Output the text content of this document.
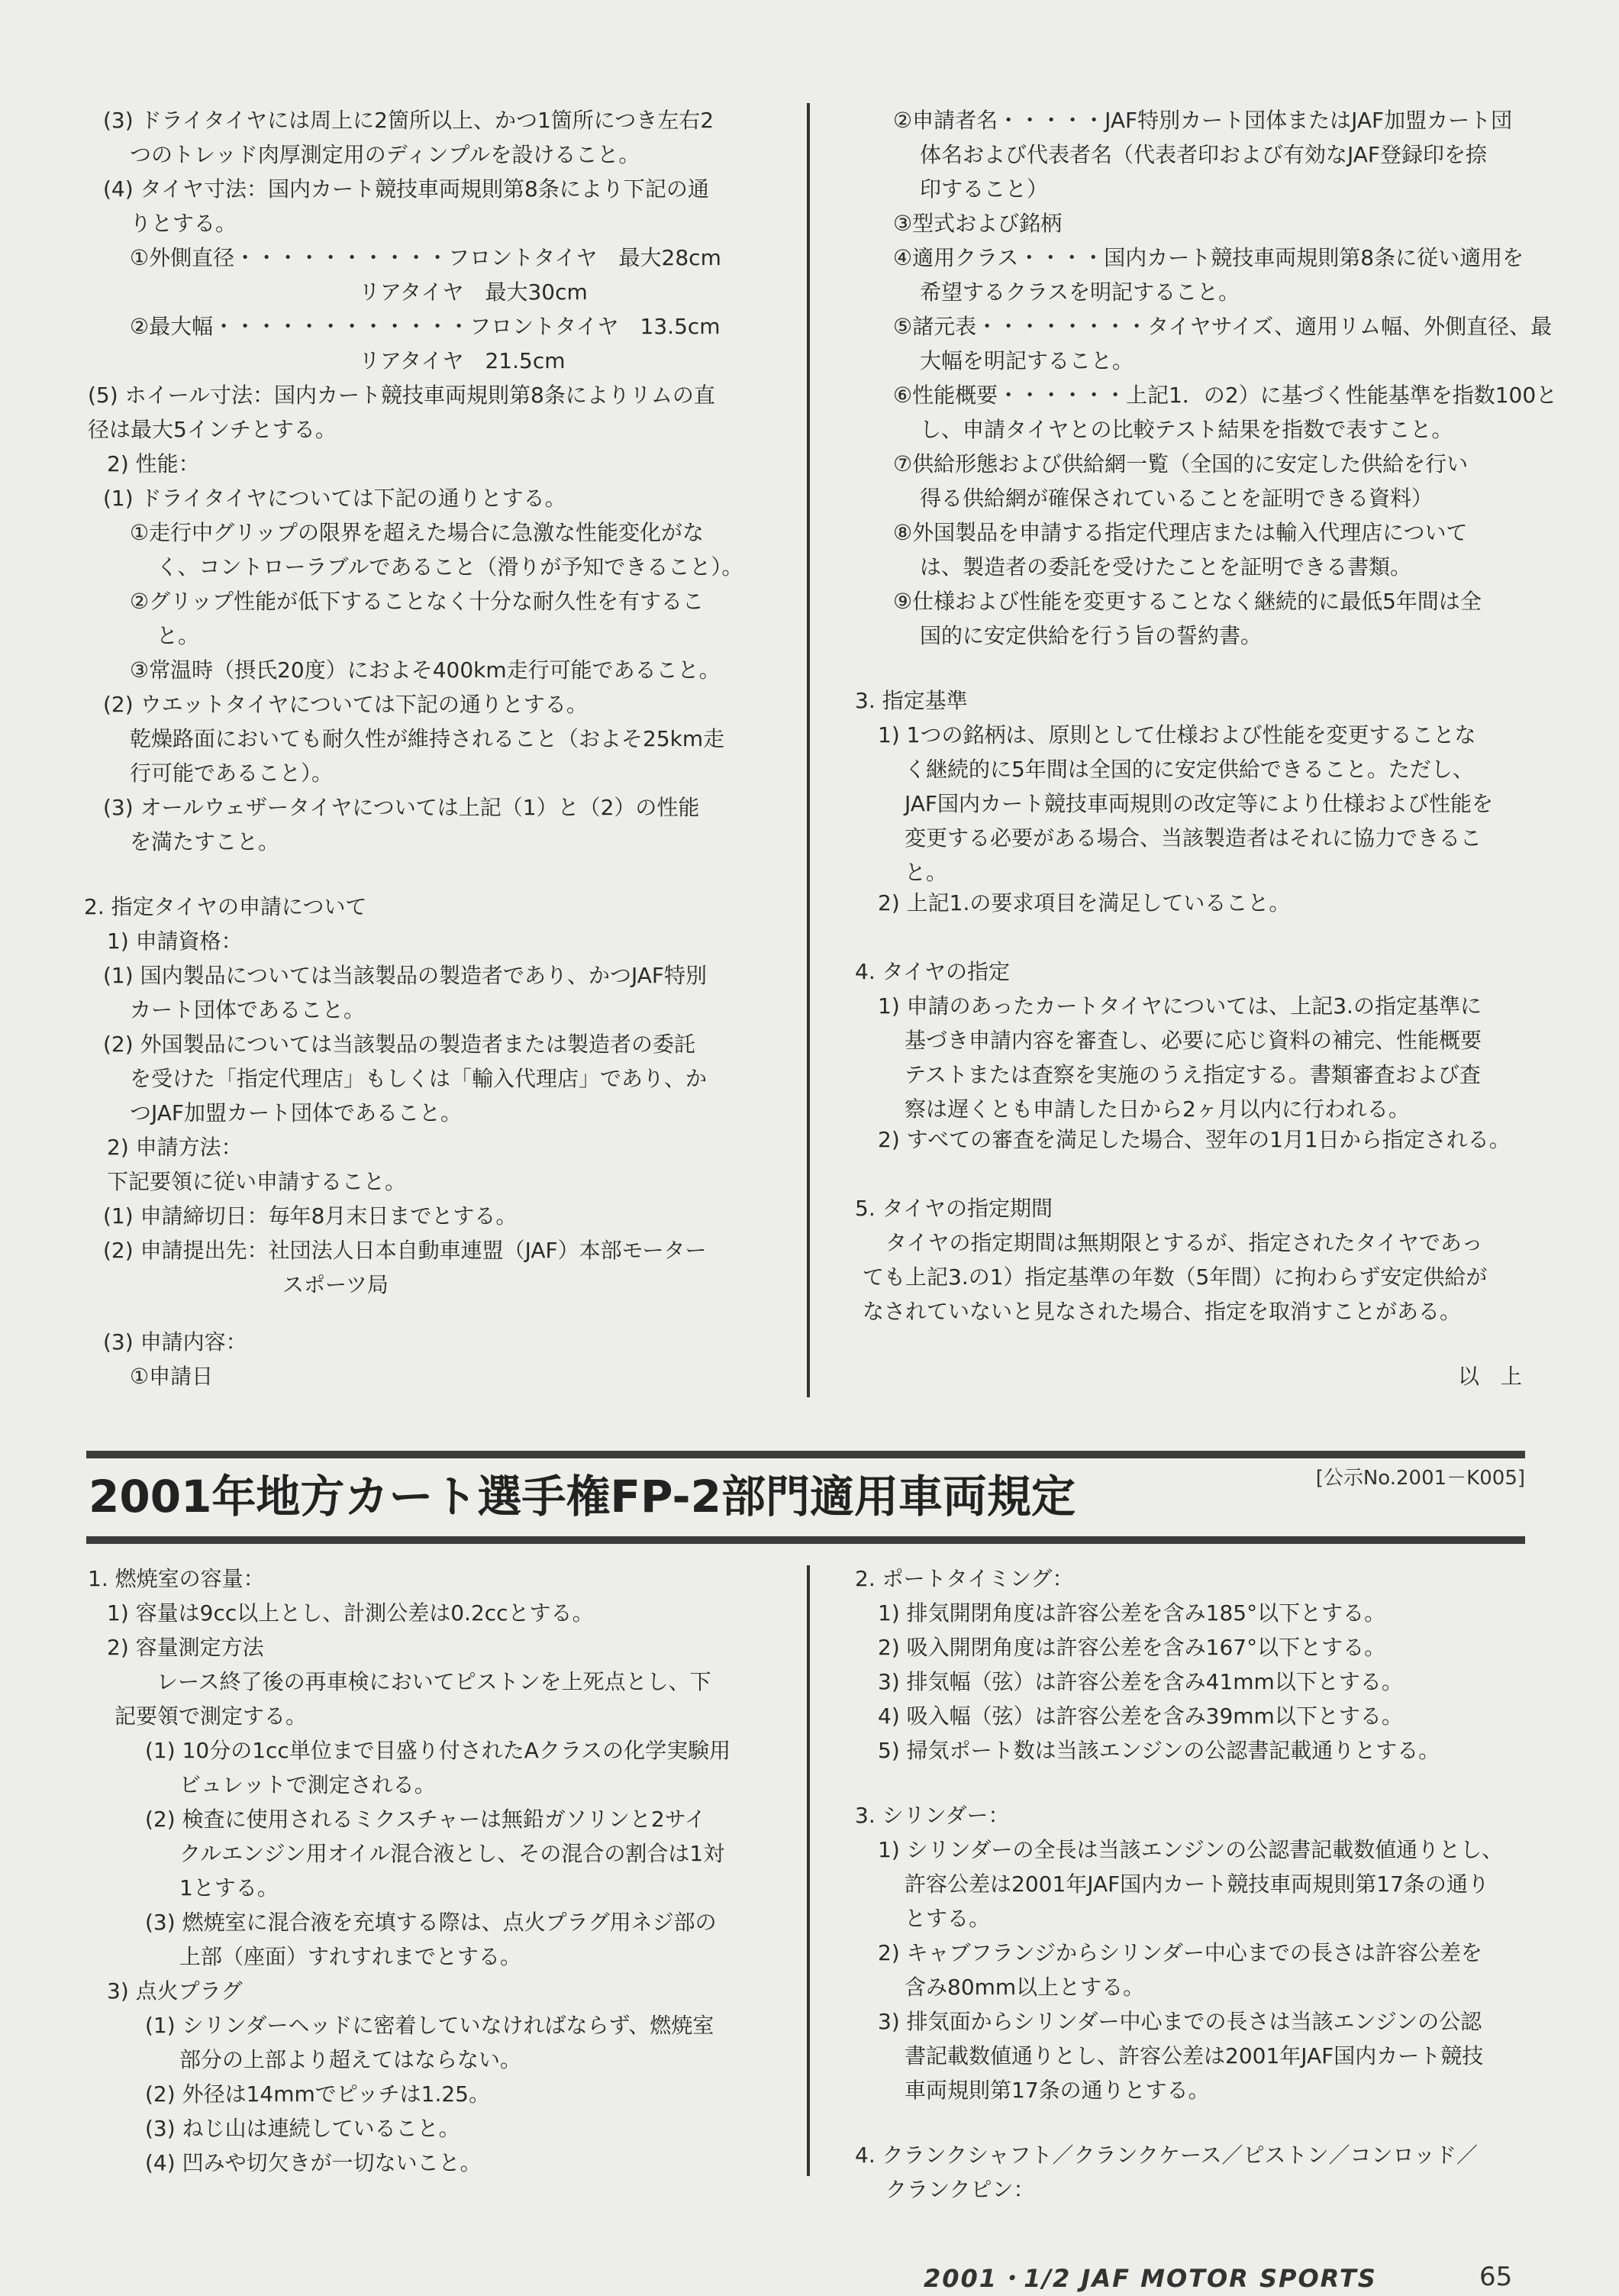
(3) ドライタイヤには周上に2箇所以上、かつ1箇所につき左右2
つのトレッド肉厚測定用のディンプルを設けること。
(4) タイヤ寸法：国内カート競技車両規則第8条により下記の通
りとする。
①外側直径・・・・・・・・・・フロントタイヤ　最大28cm
リアタイヤ　最大30cm
②最大幅・・・・・・・・・・・・フロントタイヤ　13.5cm
リアタイヤ　21.5cm
(5) ホイール寸法：国内カート競技車両規則第8条によりリムの直
径は最大5インチとする。
2) 性能：
(1) ドライタイヤについては下記の通りとする。
①走行中グリップの限界を超えた場合に急激な性能変化がな
く、コントローラブルであること（滑りが予知できること）。
②グリップ性能が低下することなく十分な耐久性を有するこ
と。
③常温時（摂氏20度）におよそ400km走行可能であること。
(2) ウエットタイヤについては下記の通りとする。
乾燥路面においても耐久性が維持されること（およそ25km走
行可能であること）。
(3) オールウェザータイヤについては上記（1）と（2）の性能
を満たすこと。
2. 指定タイヤの申請について
1) 申請資格：
(1) 国内製品については当該製品の製造者であり、かつJAF特別
カート団体であること。
(2) 外国製品については当該製品の製造者または製造者の委託
を受けた「指定代理店」もしくは「輸入代理店」であり、か
つJAF加盟カート団体であること。
2) 申請方法：
下記要領に従い申請すること。
(1) 申請締切日：毎年8月末日までとする。
(2) 申請提出先：社団法人日本自動車連盟（JAF）本部モーター
スポーツ局
(3) 申請内容：
①申請日
②申請者名・・・・・JAF特別カート団体またはJAF加盟カート団
体名および代表者名（代表者印および有効なJAF登録印を捺
印すること）
③型式および銘柄
④適用クラス・・・・国内カート競技車両規則第8条に従い適用を
希望するクラスを明記すること。
⑤諸元表・・・・・・・・タイヤサイズ、適用リム幅、外側直径、最
大幅を明記すること。
⑥性能概要・・・・・・上記1．の2）に基づく性能基準を指数100と
し、申請タイヤとの比較テスト結果を指数で表すこと。
⑦供給形態および供給網一覧（全国的に安定した供給を行い
得る供給網が確保されていることを証明できる資料）
⑧外国製品を申請する指定代理店または輸入代理店について
は、製造者の委託を受けたことを証明できる書類。
⑨仕様および性能を変更することなく継続的に最低5年間は全
国的に安定供給を行う旨の誓約書。
3. 指定基準
1) 1つの銘柄は、原則として仕様および性能を変更することな
く継続的に5年間は全国的に安定供給できること。ただし、
JAF国内カート競技車両規則の改定等により仕様および性能を
変更する必要がある場合、当該製造者はそれに協力できるこ
と。
2) 上記1.の要求項目を満足していること。
4. タイヤの指定
1) 申請のあったカートタイヤについては、上記3.の指定基準に
基づき申請内容を審査し、必要に応じ資料の補完、性能概要
テストまたは査察を実施のうえ指定する。書類審査および査
察は遅くとも申請した日から2ヶ月以内に行われる。
2) すべての審査を満足した場合、翌年の1月1日から指定される。
5. タイヤの指定期間
タイヤの指定期間は無期限とするが、指定されたタイヤであっ
ても上記3.の1）指定基準の年数（5年間）に拘わらず安定供給が
なされていないと見なされた場合、指定を取消すことがある。
以　上
2001年地方カート選手権FP-2部門適用車両規定	[公示No.2001－K005]
1. 燃焼室の容量：
1) 容量は9cc以上とし、計測公差は0.2ccとする。
2) 容量測定方法
レース終了後の再車検においてピストンを上死点とし、下
記要領で測定する。
(1) 10分の1cc単位まで目盛り付されたAクラスの化学実験用
ビュレットで測定される。
(2) 検査に使用されるミクスチャーは無鉛ガソリンと2サイ
クルエンジン用オイル混合液とし、その混合の割合は1対
1とする。
(3) 燃焼室に混合液を充填する際は、点火プラグ用ネジ部の
上部（座面）すれすれまでとする。
3) 点火プラグ
(1) シリンダーヘッドに密着していなければならず、燃焼室
部分の上部より超えてはならない。
(2) 外径は14mmでピッチは1.25。
(3) ねじ山は連続していること。
(4) 凹みや切欠きが一切ないこと。
2. ポートタイミング：
1) 排気開閉角度は許容公差を含み185°以下とする。
2) 吸入開閉角度は許容公差を含み167°以下とする。
3) 排気幅（弦）は許容公差を含み41mm以下とする。
4) 吸入幅（弦）は許容公差を含み39mm以下とする。
5) 掃気ポート数は当該エンジンの公認書記載通りとする。
3. シリンダー：
1) シリンダーの全長は当該エンジンの公認書記載数値通りとし、
許容公差は2001年JAF国内カート競技車両規則第17条の通り
とする。
2) キャブフランジからシリンダー中心までの長さは許容公差を
含み80mm以上とする。
3) 排気面からシリンダー中心までの長さは当該エンジンの公認
書記載数値通りとし、許容公差は2001年JAF国内カート競技
車両規則第17条の通りとする。
4. クランクシャフト／クランクケース／ピストン／コンロッド／
クランクピン：
2001・1/2 JAF MOTOR SPORTS	65
